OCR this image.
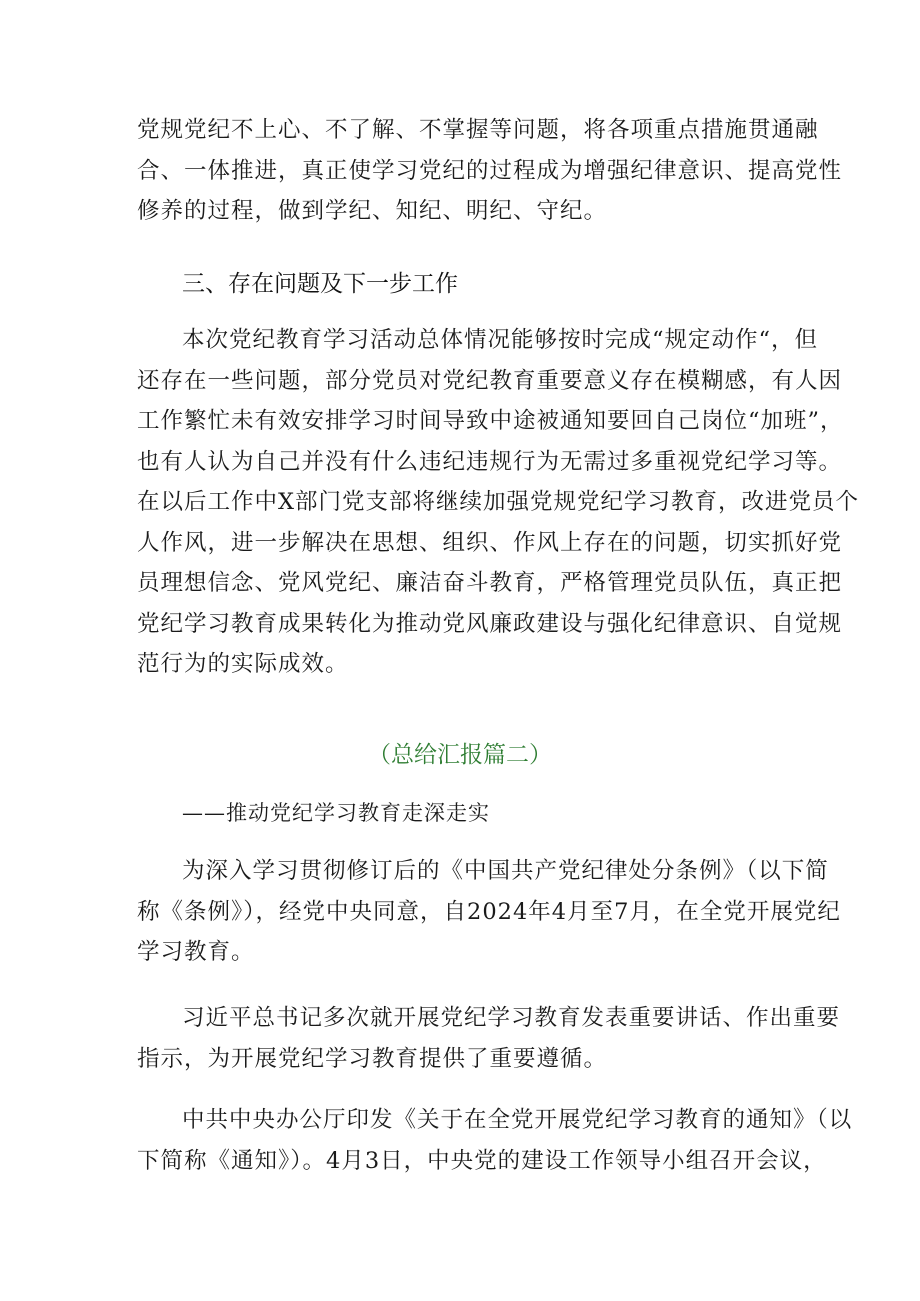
党规党纪不上心、不了解、不掌握等问题，将各项重点措施贯通融
合、一体推进，真正使学习党纪的过程成为增强纪律意识、提高党性
修养的过程，做到学纪、知纪、明纪、守纪。

三、存在问题及下一步工作

本次党纪教育学习活动总体情况能够按时完成“规定动作“，但
还存在一些问题，部分党员对党纪教育重要意义存在模糊感，有人因
工作繁忙未有效安排学习时间导致中途被通知要回自己岗位“加班”，
也有人认为自己并没有什么违纪违规行为无需过多重视党纪学习等。
在以后工作中X部门党支部将继续加强党规党纪学习教育，改进党员个
人作风，进一步解决在思想、组织、作风上存在的问题，切实抓好党
员理想信念、党风党纪、廉洁奋斗教育，严格管理党员队伍，真正把
党纪学习教育成果转化为推动党风廉政建设与强化纪律意识、自觉规
范行为的实际成效。

（总给汇报篇二）

——推动党纪学习教育走深走实

为深入学习贯彻修订后的《中国共产党纪律处分条例》（以下简
称《条例》），经党中央同意，自2024年4月至7月，在全党开展党纪
学习教育。

习近平总书记多次就开展党纪学习教育发表重要讲话、作出重要
指示，为开展党纪学习教育提供了重要遵循。

中共中央办公厅印发《关于在全党开展党纪学习教育的通知》（以
下简称《通知》）。4月3日，中央党的建设工作领导小组召开会议，
